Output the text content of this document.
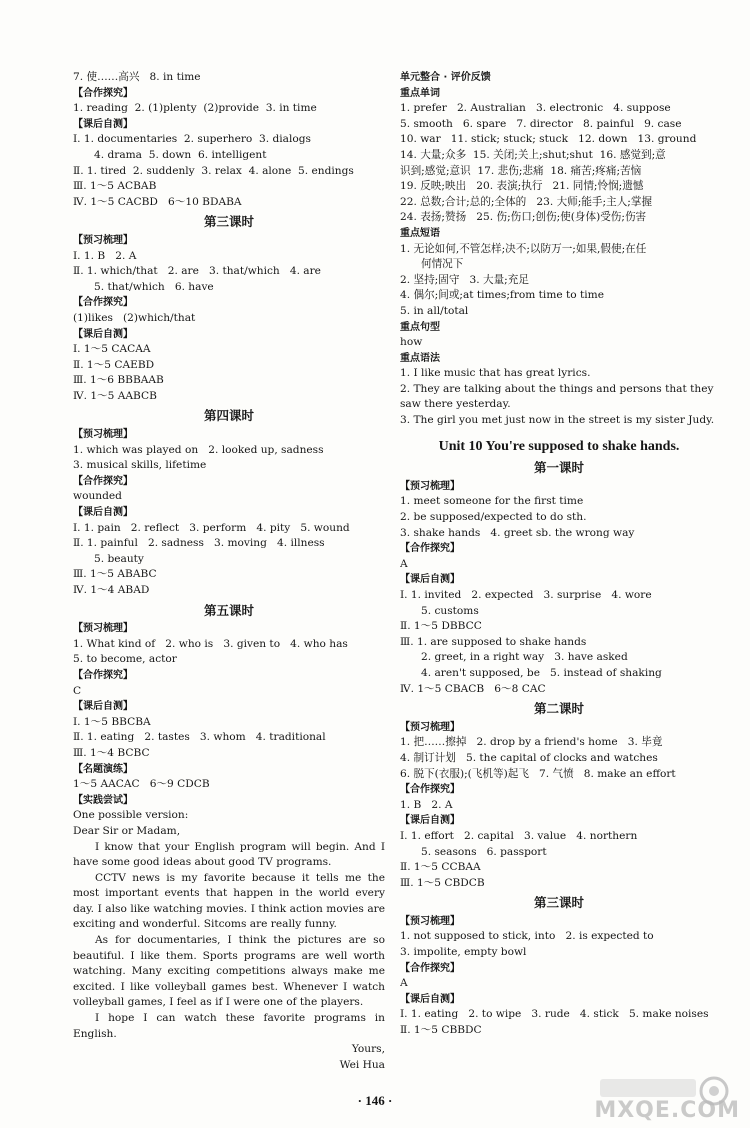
7. 使……高兴   8. in time
【合作探究】
1. reading  2. (1)plenty  (2)provide  3. in time
【课后自测】
Ⅰ. 1. documentaries  2. superhero  3. dialogs
4. drama  5. down  6. intelligent
Ⅱ. 1. tired  2. suddenly  3. relax  4. alone  5. endings
Ⅲ. 1～5 ACBAB
Ⅳ. 1～5 CACBD   6～10 BDABA
第三课时
【预习梳理】
Ⅰ. 1. B   2. A
Ⅱ. 1. which/that   2. are   3. that/which   4. are
5. that/which   6. have
【合作探究】
(1)likes   (2)which/that
【课后自测】
Ⅰ. 1～5 CACAA
Ⅱ. 1～5 CAEBD
Ⅲ. 1～6 BBBAAB
Ⅳ. 1～5 AABCB
第四课时
【预习梳理】
1. which was played on   2. looked up, sadness
3. musical skills, lifetime
【合作探究】
wounded
【课后自测】
Ⅰ. 1. pain   2. reflect   3. perform   4. pity   5. wound
Ⅱ. 1. painful   2. sadness   3. moving   4. illness
5. beauty
Ⅲ. 1～5 ABABC
Ⅳ. 1～4 ABAD
第五课时
【预习梳理】
1. What kind of   2. who is   3. given to   4. who has
5. to become, actor
【合作探究】
C
【课后自测】
Ⅰ. 1～5 BBCBA
Ⅱ. 1. eating   2. tastes   3. whom   4. traditional
Ⅲ. 1～4 BCBC
【名题演练】
1～5 AACAC   6～9 CDCB
【实践尝试】
One possible version:
Dear Sir or Madam,
I know that your English program will begin. And I have some good ideas about good TV programs.
CCTV news is my favorite because it tells me the most important events that happen in the world every day. I also like watching movies. I think action movies are exciting and wonderful. Sitcoms are really funny.
As for documentaries, I think the pictures are so beautiful. I like them. Sports programs are well worth watching. Many exciting competitions always make me excited. I like volleyball games best. Whenever I watch volleyball games, I feel as if I were one of the players.
I hope I can watch these favorite programs in English.
Yours,
Wei Hua
单元整合 · 评价反馈
重点单词
1. prefer   2. Australian   3. electronic   4. suppose
5. smooth   6. spare   7. director   8. painful   9. case
10. war   11. stick; stuck; stuck   12. down   13. ground
14. 大量;众多  15. 关闭;关上;shut;shut  16. 感觉到;意
识到;感觉;意识  17. 悲伤;悲痛  18. 痛苦;疼痛;苦恼
19. 反映;映出   20. 表演;执行   21. 同情;怜悯;遗憾
22. 总数;合计;总的;全体的   23. 大师;能手;主人;掌握
24. 表扬;赞扬   25. 伤;伤口;创伤;使(身体)受伤;伤害
重点短语
1. 无论如何,不管怎样;决不;以防万一;如果,假使;在任
何情况下
2. 坚持;固守   3. 大量;充足
4. 偶尔;间或;at times;from time to time
5. in all/total
重点句型
how
重点语法
1. I like music that has great lyrics.
2. They are talking about the things and persons that they saw there yesterday.
3. The girl you met just now in the street is my sister Judy.
Unit 10 You're supposed to shake hands.
第一课时
【预习梳理】
1. meet someone for the first time
2. be supposed/expected to do sth.
3. shake hands   4. greet sb. the wrong way
【合作探究】
A
【课后自测】
Ⅰ. 1. invited   2. expected   3. surprise   4. wore
5. customs
Ⅱ. 1～5 DBBCC
Ⅲ. 1. are supposed to shake hands
2. greet, in a right way   3. have asked
4. aren't supposed, be   5. instead of shaking
Ⅳ. 1～5 CBACB   6～8 CAC
第二课时
【预习梳理】
1. 把……擦掉   2. drop by a friend's home   3. 毕竟
4. 制订计划   5. the capital of clocks and watches
6. 脱下(衣服);(飞机等)起飞   7. 气愤   8. make an effort
【合作探究】
1. B   2. A
【课后自测】
Ⅰ. 1. effort   2. capital   3. value   4. northern
5. seasons   6. passport
Ⅱ. 1～5 CCBAA
Ⅲ. 1～5 CBDCB
第三课时
【预习梳理】
1. not supposed to stick, into   2. is expected to
3. impolite, empty bowl
【合作探究】
A
【课后自测】
Ⅰ. 1. eating   2. to wipe   3. rude   4. stick   5. make noises
Ⅱ. 1～5 CBBDC
· 146 ·	MXQE.COM
